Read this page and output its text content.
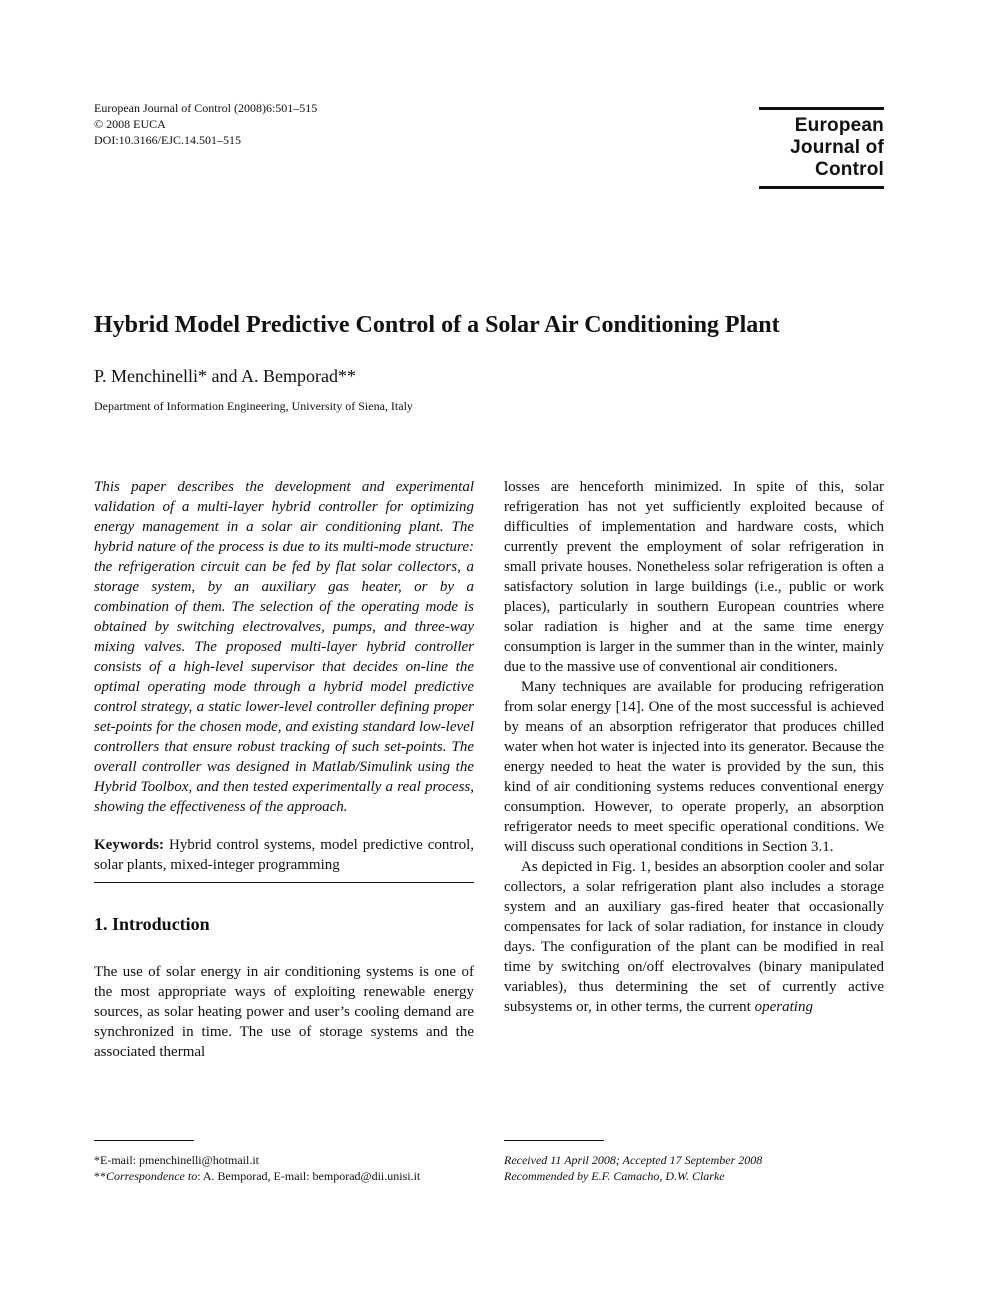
European Journal of Control (2008)6:501–515
© 2008 EUCA
DOI:10.3166/EJC.14.501–515
European
Journal of
Control
Hybrid Model Predictive Control of a Solar Air Conditioning Plant
P. Menchinelli* and A. Bemporad**
Department of Information Engineering, University of Siena, Italy

This paper describes the development and experimental validation of a multi-layer hybrid controller for optimizing energy management in a solar air conditioning plant. The hybrid nature of the process is due to its multi-mode structure: the refrigeration circuit can be fed by flat solar collectors, a storage system, by an auxiliary gas heater, or by a combination of them. The selection of the operating mode is obtained by switching electrovalves, pumps, and three-way mixing valves. The proposed multi-layer hybrid controller consists of a high-level supervisor that decides on-line the optimal operating mode through a hybrid model predictive control strategy, a static lower-level controller defining proper set-points for the chosen mode, and existing standard low-level controllers that ensure robust tracking of such set-points. The overall controller was designed in Matlab/Simulink using the Hybrid Toolbox, and then tested experimentally a real process, showing the effectiveness of the approach.

Keywords: Hybrid control systems, model predictive control, solar plants, mixed-integer programming

1. Introduction

The use of solar energy in air conditioning systems is one of the most appropriate ways of exploiting renewable energy sources, as solar heating power and user’s cooling demand are synchronized in time. The use of storage systems and the associated thermal

losses are henceforth minimized. In spite of this, solar refrigeration has not yet sufficiently exploited because of difficulties of implementation and hardware costs, which currently prevent the employment of solar refrigeration in small private houses. Nonetheless solar refrigeration is often a satisfactory solution in large buildings (i.e., public or work places), particularly in southern European countries where solar radiation is higher and at the same time energy consumption is larger in the summer than in the winter, mainly due to the massive use of conventional air conditioners.

Many techniques are available for producing refrigeration from solar energy [14]. One of the most successful is achieved by means of an absorption refrigerator that produces chilled water when hot water is injected into its generator. Because the energy needed to heat the water is provided by the sun, this kind of air conditioning systems reduces conventional energy consumption. However, to operate properly, an absorption refrigerator needs to meet specific operational conditions. We will discuss such operational conditions in Section 3.1.

As depicted in Fig. 1, besides an absorption cooler and solar collectors, a solar refrigeration plant also includes a storage system and an auxiliary gas-fired heater that occasionally compensates for lack of solar radiation, for instance in cloudy days. The configuration of the plant can be modified in real time by switching on/off electrovalves (binary manipulated variables), thus determining the set of currently active subsystems or, in other terms, the current operating

*E-mail: pmenchinelli@hotmail.it
**Correspondence to: A. Bemporad, E-mail: bemporad@dii.unisi.it
Received 11 April 2008; Accepted 17 September 2008
Recommended by E.F. Camacho, D.W. Clarke
